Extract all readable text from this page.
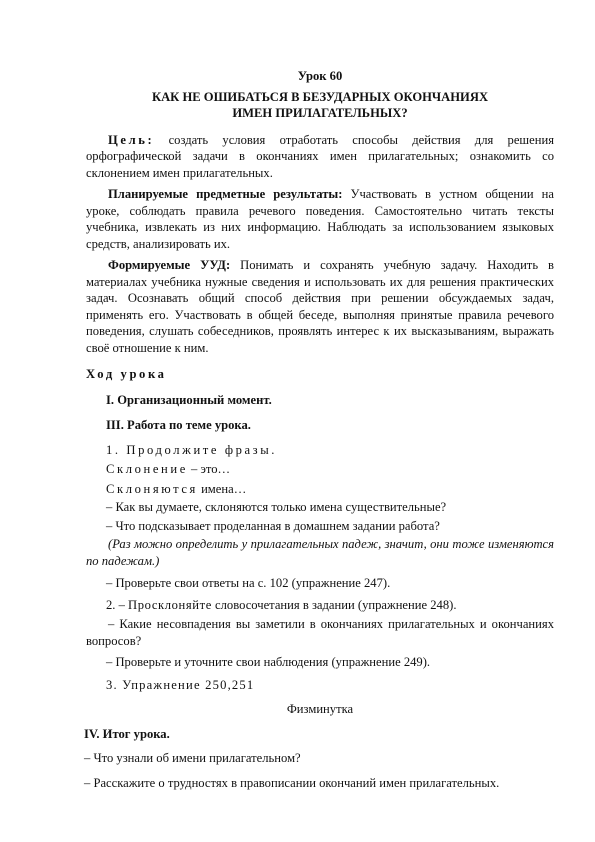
Урок 60

КАК НЕ ОШИБАТЬСЯ В БЕЗУДАРНЫХ ОКОНЧАНИЯХ

ИМЕН ПРИЛАГАТЕЛЬНЫХ?

Цель: создать условия отработать способы действия для решения орфографической задачи в окончаниях имен прилагательных; ознакомить со склонением имен прилагательных.

Планируемые предметные результаты: Участвовать в устном общении на уроке, соблюдать правила речевого поведения. Самостоятельно читать тексты учебника, извлекать из них информацию. Наблюдать за использованием языковых средств, анализировать их.

Формируемые УУД: Понимать и сохранять учебную задачу. Находить в материалах учебника нужные сведения и использовать их для решения практических задач. Осознавать общий способ действия при решении обсуждаемых задач, применять его. Участвовать в общей беседе, выполняя принятые правила речевого поведения, слушать собеседников, проявлять интерес к их высказываниям, выражать своё отношение к ним.

Ход урока

I. Организационный момент.

III. Работа по теме урока.

1. Продолжите фразы.

Склонение – это…

Склоняются имена…

– Как вы думаете, склоняются только имена существительные?

– Что подсказывает проделанная в домашнем задании работа?

(Раз можно определить у прилагательных падеж, значит, они тоже изменяются по падежам.)

– Проверьте свои ответы на с. 102 (упражнение 247).

2. – Просклоняйте словосочетания в задании (упражнение 248).

– Какие несовпадения вы заметили в окончаниях прилагательных и окончаниях вопросов?

– Проверьте и уточните свои наблюдения (упражнение 249).

3. Упражнение 250,251

Физминутка

IV. Итог урока.

– Что узнали об имени прилагательном?

– Расскажите о трудностях в правописании окончаний имен прилагательных.
